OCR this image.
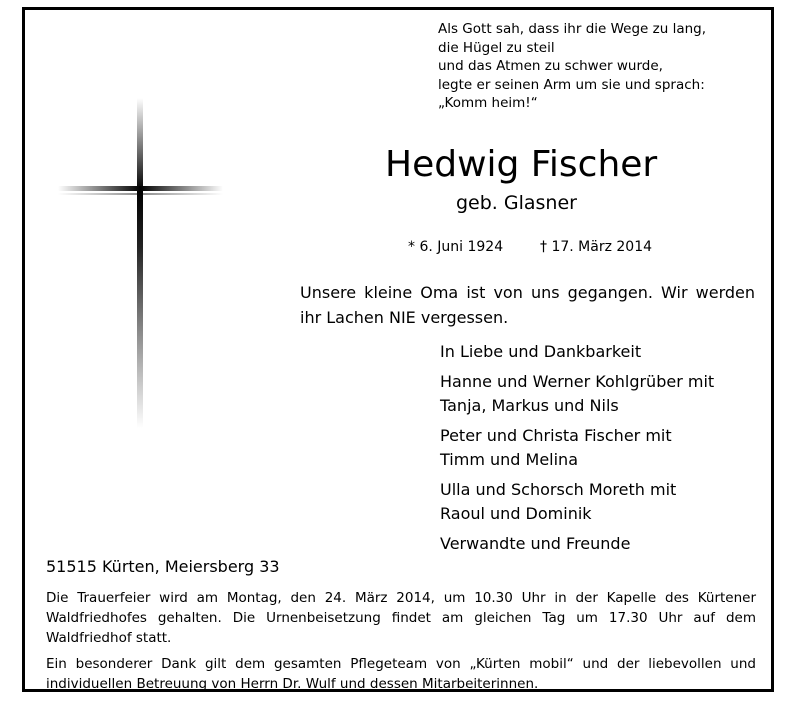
Als Gott sah, dass ihr die Wege zu lang,
die Hügel zu steil
und das Atmen zu schwer wurde,
legte er seinen Arm um sie und sprach:
„Komm heim!“
Hedwig Fischer
geb. Glasner
* 6. Juni 1924	† 17. März 2014
Unsere kleine Oma ist von uns gegangen. Wir werden ihr Lachen NIE vergessen.
In Liebe und Dankbarkeit
Hanne und Werner Kohlgrüber mit
Tanja, Markus und Nils
Peter und Christa Fischer mit
Timm und Melina
Ulla und Schorsch Moreth mit
Raoul und Dominik
Verwandte und Freunde
51515 Kürten, Meiersberg 33
Die Trauerfeier wird am Montag, den 24. März 2014, um 10.30 Uhr in der Kapelle des Kürtener Waldfriedhofes gehalten. Die Urnenbeisetzung findet am gleichen Tag um 17.30 Uhr auf dem Waldfriedhof statt.
Ein besonderer Dank gilt dem gesamten Pflegeteam von „Kürten mobil“ und der liebevollen und individuellen Betreuung von Herrn Dr. Wulf und dessen Mitarbeiterinnen.
